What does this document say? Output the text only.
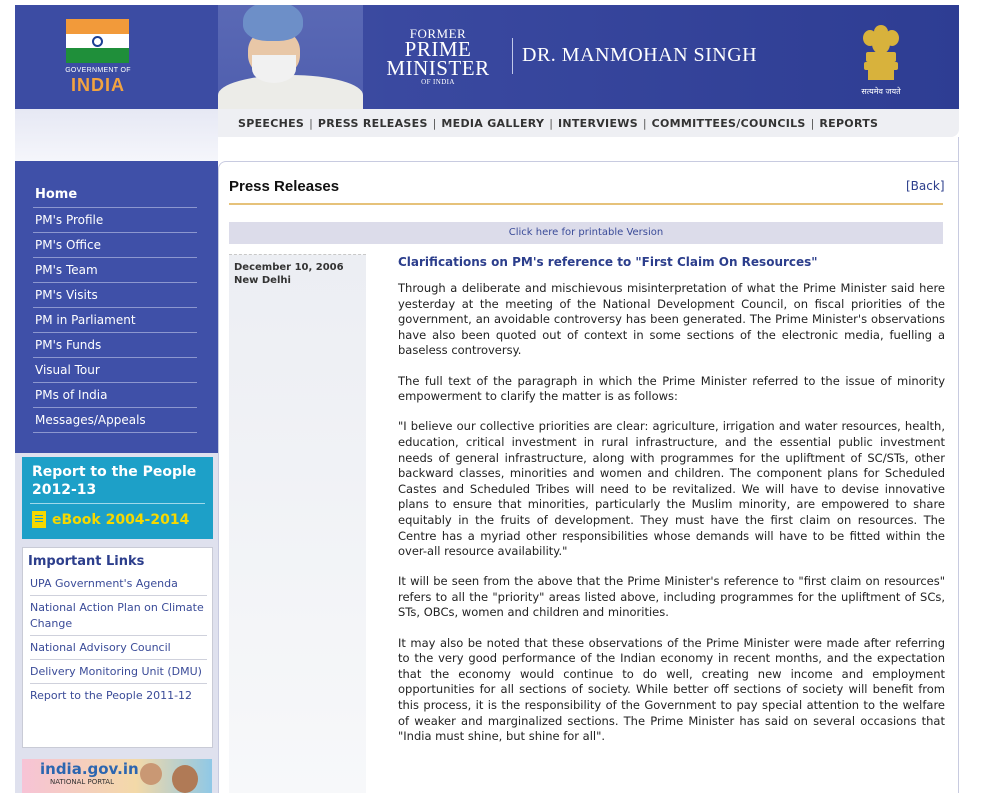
GOVERNMENT OF
INDIA
FORMER
PRIME
MINISTER
OF INDIA
DR. MANMOHAN SINGH
सत्यमेव जयते
SPEECHES | PRESS RELEASES | MEDIA GALLERY | INTERVIEWS | COMMITTEES/COUNCILS | REPORTS
Home
PM's Profile
PM's Office
PM's Team
PM's Visits
PM in Parliament
PM's Funds
Visual Tour
PMs of India
Messages/Appeals
Report to the People
2012-13
eBook 2004-2014
Important Links
UPA Government's Agenda
National Action Plan on Climate Change
National Advisory Council
Delivery Monitoring Unit (DMU)
Report to the People 2011-12
india.gov.in
NATIONAL PORTAL
Press Releases	[Back]
Click here for printable Version
December 10, 2006
New Delhi
Clarifications on PM's reference to "First Claim On Resources"

Through a deliberate and mischievous misinterpretation of what the Prime Minister said here yesterday at the meeting of the National Development Council, on fiscal priorities of the government, an avoidable controversy has been generated. The Prime Minister's observations have also been quoted out of context in some sections of the electronic media, fuelling a baseless controversy.

The full text of the paragraph in which the Prime Minister referred to the issue of minority empowerment to clarify the matter is as follows:

"I believe our collective priorities are clear: agriculture, irrigation and water resources, health, education, critical investment in rural infrastructure, and the essential public investment needs of general infrastructure, along with programmes for the upliftment of SC/STs, other backward classes, minorities and women and children. The component plans for Scheduled Castes and Scheduled Tribes will need to be revitalized. We will have to devise innovative plans to ensure that minorities, particularly the Muslim minority, are empowered to share equitably in the fruits of development. They must have the first claim on resources. The Centre has a myriad other responsibilities whose demands will have to be fitted within the over-all resource availability."

It will be seen from the above that the Prime Minister's reference to "first claim on resources" refers to all the "priority" areas listed above, including programmes for the upliftment of SCs, STs, OBCs, women and children and minorities.

It may also be noted that these observations of the Prime Minister were made after referring to the very good performance of the Indian economy in recent months, and the expectation that the economy would continue to do well, creating new income and employment opportunities for all sections of society. While better off sections of society will benefit from this process, it is the responsibility of the Government to pay special attention to the welfare of weaker and marginalized sections. The Prime Minister has said on several occasions that "India must shine, but shine for all".
